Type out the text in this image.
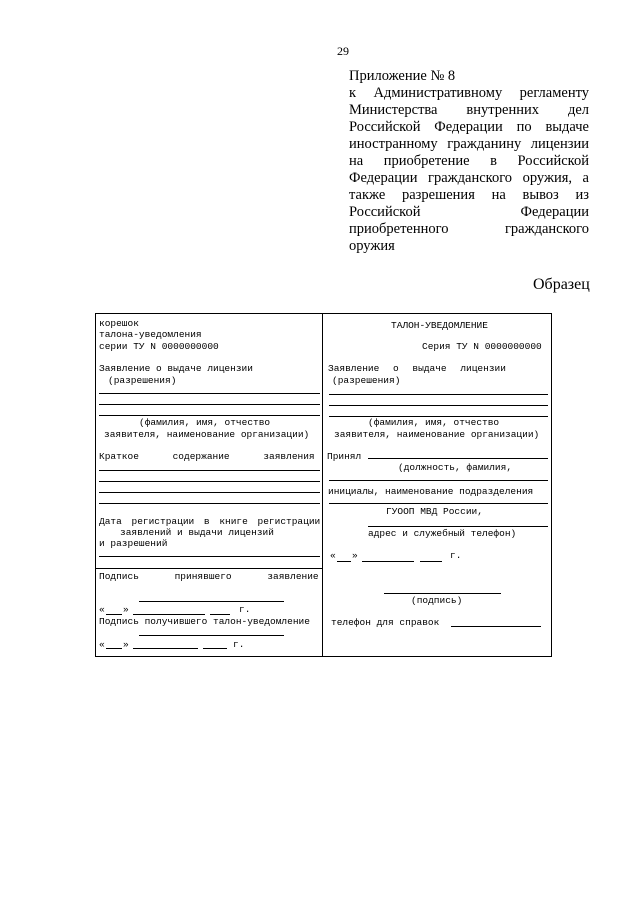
29
Приложение № 8
к Административному регламенту
Министерства внутренних дел
Российской Федерации по выдаче
иностранному гражданину лицензии
на приобретение в Российской
Федерации гражданского оружия, а
также разрешения на вывоз из
Российской Федерации
приобретенного гражданского
оружия
Образец
корешок
талона-уведомления
серии ТУ N 0000000000
Заявление о выдаче лицензии
(разрешения)
(фамилия, имя, отчество
заявителя, наименование организации)
Краткое содержание заявления
Дата регистрации в книге регистрации
заявлений и выдачи лицензий
и разрешений
Подпись принявшего заявление
« »	г.
Подпись получившего талон-уведомление
« »	г.
ТАЛОН-УВЕДОМЛЕНИЕ
Серия ТУ N 0000000000
Заявление о выдаче лицензии
(разрешения)
(фамилия, имя, отчество
заявителя, наименование организации)
Принял
(должность, фамилия,
инициалы, наименование подразделения
ГУООП МВД России,
адрес и служебный телефон)
« »	г.
(подпись)
телефон для справок
